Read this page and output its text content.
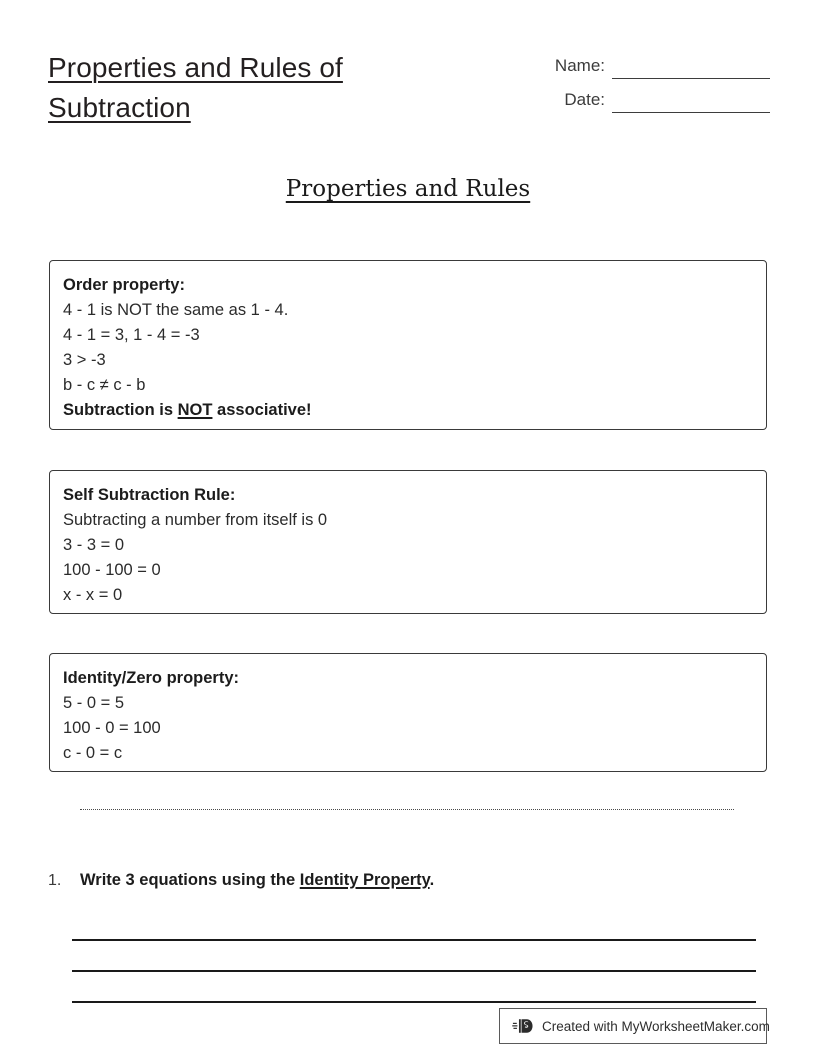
Properties and Rules of
Subtraction
Name:
Date:
Properties and Rules
Order property:
4 - 1 is NOT the same as 1 - 4.
4 - 1 = 3, 1 - 4 = -3
3 > -3
b - c ≠ c - b
Subtraction is NOT associative!
Self Subtraction Rule:
Subtracting a number from itself is 0
3 - 3 = 0
100 - 100 = 0
x - x = 0
Identity/Zero property:
5 - 0 = 5
100 - 0 = 100
c - 0 = c
1.	Write 3 equations using the Identity Property.
Created with MyWorksheetMaker.com
